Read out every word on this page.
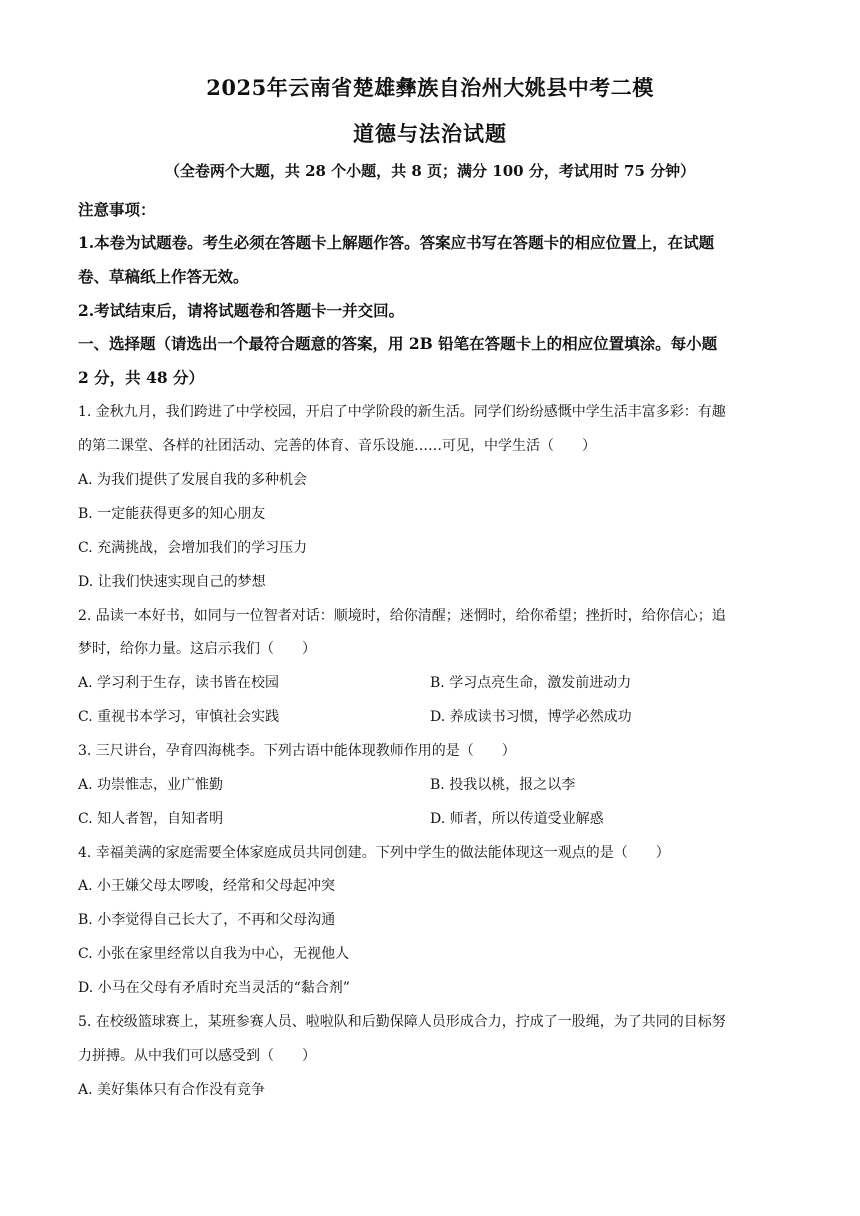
2025年云南省楚雄彝族自治州大姚县中考二模
道德与法治试题
（全卷两个大题，共 28 个小题，共 8 页；满分 100 分，考试用时 75 分钟）
注意事项：
1.本卷为试题卷。考生必须在答题卡上解题作答。答案应书写在答题卡的相应位置上，在试题
卷、草稿纸上作答无效。
2.考试结束后，请将试题卷和答题卡一并交回。
一、选择题（请选出一个最符合题意的答案，用 2B 铅笔在答题卡上的相应位置填涂。每小题
2 分，共 48 分）
1. 金秋九月，我们跨进了中学校园，开启了中学阶段的新生活。同学们纷纷感慨中学生活丰富多彩：有趣
的第二课堂、各样的社团活动、完善的体育、音乐设施……可见，中学生活（　　）
A. 为我们提供了发展自我的多种机会
B. 一定能获得更多的知心朋友
C. 充满挑战，会增加我们的学习压力
D. 让我们快速实现自己的梦想
2. 品读一本好书，如同与一位智者对话：顺境时，给你清醒；迷惘时，给你希望；挫折时，给你信心；追
梦时，给你力量。这启示我们（　　）
A. 学习利于生存，读书皆在校园	B. 学习点亮生命，激发前进动力
C. 重视书本学习，审慎社会实践	D. 养成读书习惯，博学必然成功
3. 三尺讲台，孕育四海桃李。下列古语中能体现教师作用的是（　　）
A. 功崇惟志，业广惟勤	B. 投我以桃，报之以李
C. 知人者智，自知者明	D. 师者，所以传道受业解惑
4. 幸福美满的家庭需要全体家庭成员共同创建。下列中学生的做法能体现这一观点的是（　　）
A. 小王嫌父母太啰唆，经常和父母起冲突
B. 小李觉得自己长大了，不再和父母沟通
C. 小张在家里经常以自我为中心，无视他人
D. 小马在父母有矛盾时充当灵活的“黏合剂”
5. 在校级篮球赛上，某班参赛人员、啦啦队和后勤保障人员形成合力，拧成了一股绳，为了共同的目标努
力拼搏。从中我们可以感受到（　　）
A. 美好集体只有合作没有竞争
